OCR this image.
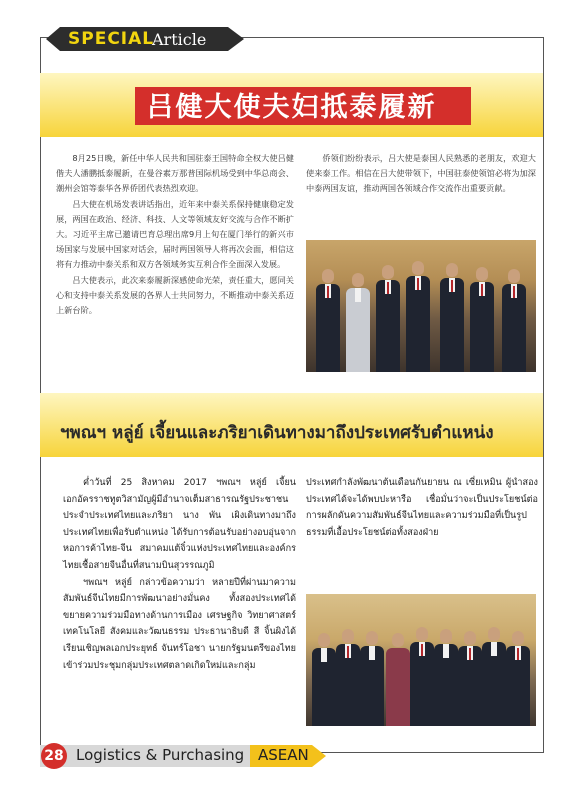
SPECIAL
Article
吕健大使夫妇抵泰履新

8月25日晚，新任中华人民共和国驻泰王国特命全权大使吕健偕夫人潘鹏抵泰履新，在曼谷素万那普国际机场受到中华总商会、潮州会馆等泰华各界侨团代表热烈欢迎。

吕大使在机场发表讲话指出，近年来中泰关系保持健康稳定发展，两国在政治、经济、科技、人文等领域友好交流与合作不断扩大。习近平主席已邀请巴育总理出席9月上旬在厦门举行的新兴市场国家与发展中国家对话会，届时两国领导人将再次会面，相信这将有力推动中泰关系和双方各领域务实互利合作全面深入发展。

吕大使表示，此次来泰履新深感使命光荣，责任重大，愿同关心和支持中泰关系发展的各界人士共同努力，不断推动中泰关系迈上新台阶。

侨领们纷纷表示，吕大使是泰国人民熟悉的老朋友，欢迎大使来泰工作。相信在吕大使带领下，中国驻泰使领馆必将为加深中泰两国友谊，推动两国各领域合作交流作出重要贡献。

ฯพณฯ หลู่ย์ เจี้ยนและภริยาเดินทางมาถึงประเทศรับตำแหน่ง

ค่ำวันที่ 25 สิงหาคม 2017 ฯพณฯ หลู่ย์ เจี้ยน เอกอัครราชทูตวิสามัญผู้มีอำนาจเต็มสาธารณรัฐประชาชนประจำประเทศไทยและภริยา นาง พัน เผิงเดินทางมาถึงประเทศไทยเพื่อรับตำแหน่ง ได้รับการต้อนรับอย่างอบอุ่นจากหอการค้าไทย-จีน สมาคมแต้จิ๋วแห่งประเทศไทยและองค์กรไทยเชื้อสายจีนอื่นที่สนามบินสุวรรณภูมิ

ฯพณฯ หลู่ย์ กล่าวข้อความว่า หลายปีที่ผ่านมาความสัมพันธ์จีนไทยมีการพัฒนาอย่างมั่นคง ทั้งสองประเทศได้ขยายความร่วมมือทางด้านการเมือง เศรษฐกิจ วิทยาศาสตร์ เทคโนโลยี สังคมและวัฒนธรรม ประธานาธิบดี สี จิ้นผิงได้เรียนเชิญพลเอกประยุทธ์ จันทร์โอชา นายกรัฐมนตรีของไทยเข้าร่วมประชุมกลุ่มประเทศตลาดเกิดใหม่และกลุ่ม

ประเทศกำลังพัฒนาต้นเดือนกันยายน ณ เซี่ยเหมิน ผู้นำสองประเทศได้จะได้พบปะหารือ เชื่อมั่นว่าจะเป็นประโยชน์ต่อการผลักดันความสัมพันธ์จีนไทยและความร่วมมือที่เป็นรูปธรรมที่เอื้อประโยชน์ต่อทั้งสองฝ่าย

28 Logistics & Purchasing ASEAN
